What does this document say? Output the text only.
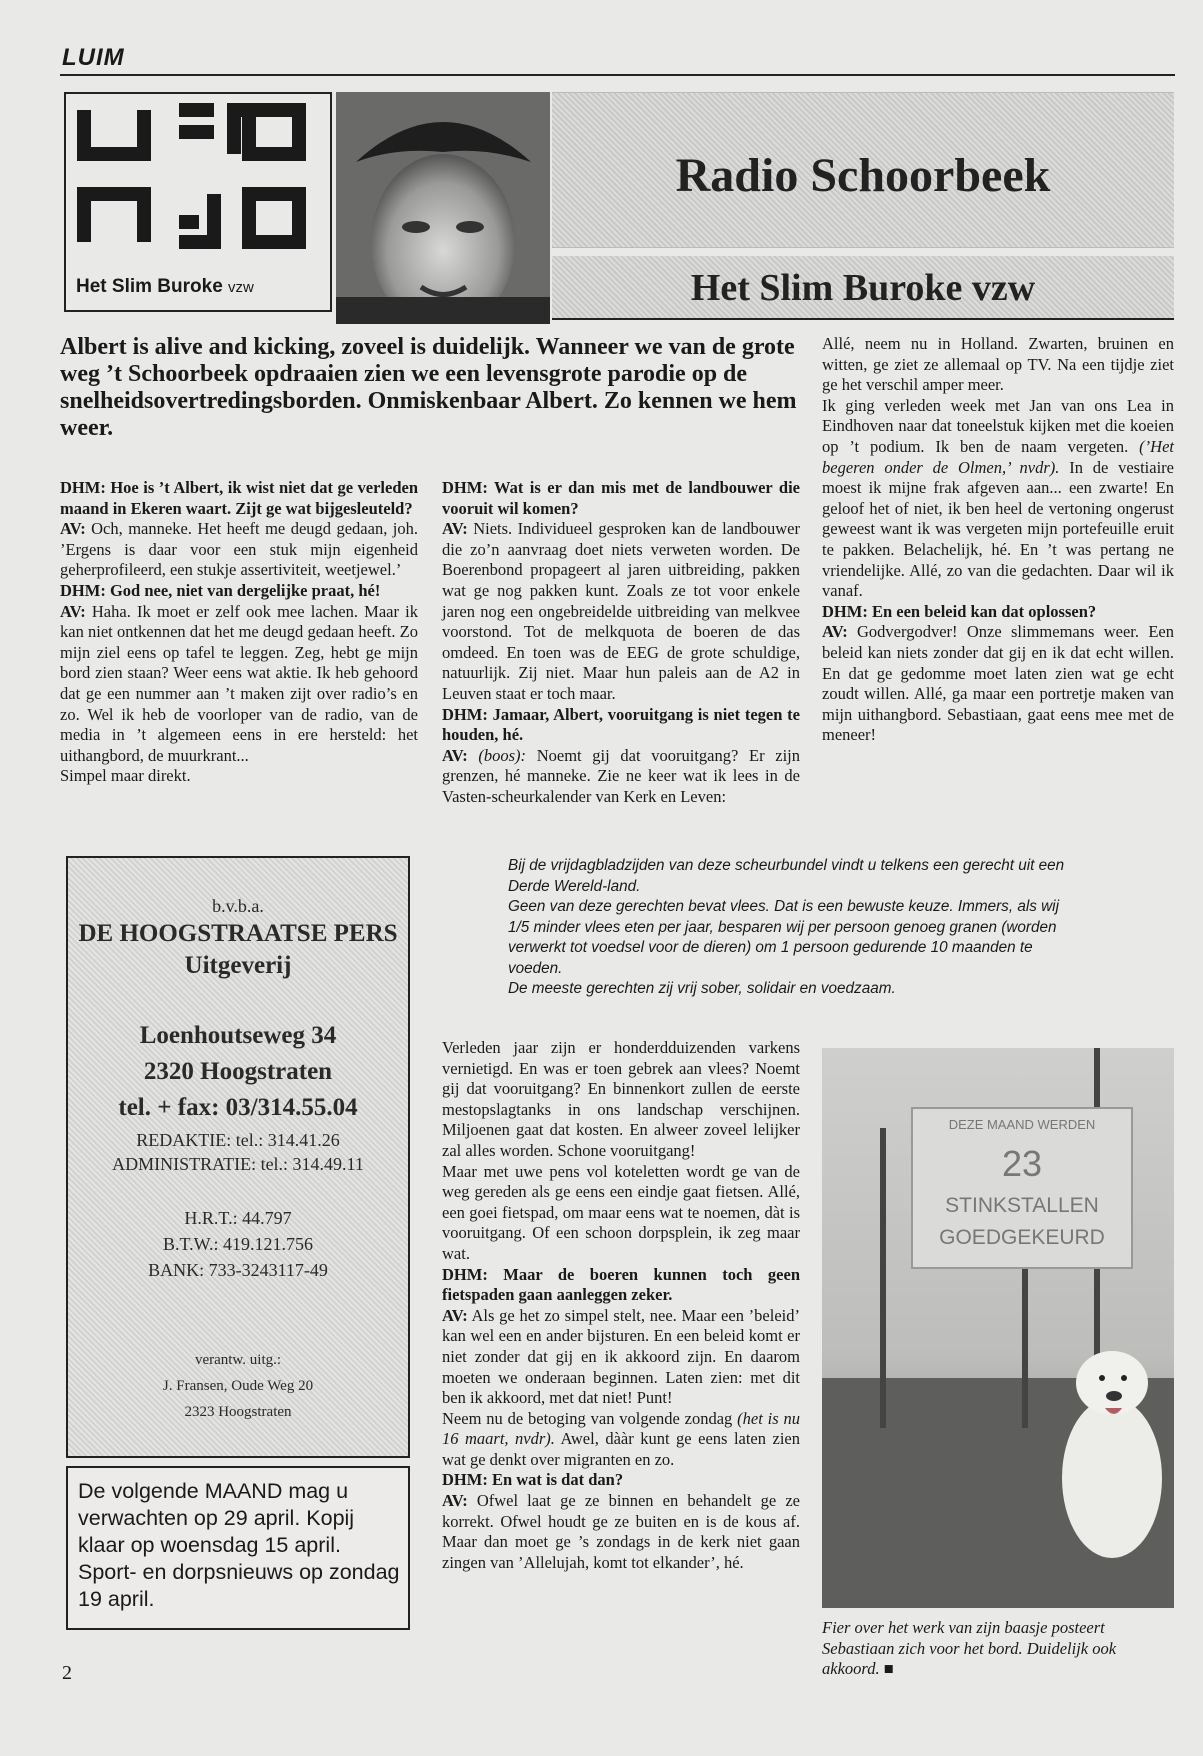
LUIM
Het Slim Buroke vzw
Radio Schoorbeek
Het Slim Buroke vzw
Albert is alive and kicking, zoveel is duidelijk. Wanneer we van de grote weg ’t Schoorbeek opdraaien zien we een levensgrote parodie op de snelheidsovertredingsborden. Onmiskenbaar Albert. Zo kennen we hem weer.

DHM: Hoe is ’t Albert, ik wist niet dat ge verleden maand in Ekeren waart. Zijt ge wat bijgesleuteld?

AV: Och, manneke. Het heeft me deugd gedaan, joh. ’Ergens is daar voor een stuk mijn eigenheid geherprofileerd, een stukje assertiviteit, weetjewel.’

DHM: God nee, niet van dergelijke praat, hé!

AV: Haha. Ik moet er zelf ook mee lachen. Maar ik kan niet ontkennen dat het me deugd gedaan heeft. Zo mijn ziel eens op tafel te leggen. Zeg, hebt ge mijn bord zien staan? Weer eens wat aktie. Ik heb gehoord dat ge een nummer aan ’t maken zijt over radio’s en zo. Wel ik heb de voorloper van de radio, van de media in ’t algemeen eens in ere hersteld: het uithangbord, de muurkrant...

Simpel maar direkt.

DHM: Wat is er dan mis met de landbouwer die vooruit wil komen?

AV: Niets. Individueel gesproken kan de landbouwer die zo’n aanvraag doet niets verweten worden. De Boerenbond propageert al jaren uitbreiding, pakken wat ge nog pakken kunt. Zoals ze tot voor enkele jaren nog een ongebreidelde uitbreiding van melkvee voorstond. Tot de melkquota de boeren de das omdeed. En toen was de EEG de grote schuldige, natuurlijk. Zij niet. Maar hun paleis aan de A2 in Leuven staat er toch maar.

DHM: Jamaar, Albert, vooruitgang is niet tegen te houden, hé.

AV: (boos): Noemt gij dat vooruitgang? Er zijn grenzen, hé manneke. Zie ne keer wat ik lees in de Vasten-scheurkalender van Kerk en Leven:

Allé, neem nu in Holland. Zwarten, bruinen en witten, ge ziet ze allemaal op TV. Na een tijdje ziet ge het verschil amper meer.

Ik ging verleden week met Jan van ons Lea in Eindhoven naar dat toneelstuk kijken met die koeien op ’t podium. Ik ben de naam vergeten. (’Het begeren onder de Olmen,’ nvdr). In de vestiaire moest ik mijne frak afgeven aan... een zwarte! En geloof het of niet, ik ben heel de vertoning ongerust geweest want ik was vergeten mijn portefeuille eruit te pakken. Belachelijk, hé. En ’t was pertang ne vriendelijke. Allé, zo van die gedachten. Daar wil ik vanaf.

DHM: En een beleid kan dat oplossen?

AV: Godvergodver! Onze slimmemans weer. Een beleid kan niets zonder dat gij en ik dat echt willen. En dat ge gedomme moet laten zien wat ge echt zoudt willen. Allé, ga maar een portretje maken van mijn uithangbord. Sebastiaan, gaat eens mee met de meneer!

Bij de vrijdagbladzijden van deze scheurbundel vindt u telkens een gerecht uit een Derde Wereld-land.

Geen van deze gerechten bevat vlees. Dat is een bewuste keuze. Immers, als wij 1/5 minder vlees eten per jaar, besparen wij per persoon genoeg granen (worden verwerkt tot voedsel voor de dieren) om 1 persoon gedurende 10 maanden te voeden.

De meeste gerechten zij vrij sober, solidair en voedzaam.

b.v.b.a.
DE HOOGSTRAATSE PERS
Uitgeverij
Loenhoutseweg 34
2320 Hoogstraten
tel. + fax: 03/314.55.04
REDAKTIE: tel.: 314.41.26
ADMINISTRATIE: tel.: 314.49.11
H.R.T.: 44.797
B.T.W.: 419.121.756
BANK: 733-3243117-49
verantw. uitg.:
J. Fransen, Oude Weg 20
2323 Hoogstraten
De volgende MAAND mag u verwachten op 29 april. Kopij klaar op woensdag 15 april. Sport- en dorpsnieuws op zondag 19 april.

Verleden jaar zijn er honderdduizenden varkens vernietigd. En was er toen gebrek aan vlees? Noemt gij dat vooruitgang? En binnenkort zullen de eerste mestopslagtanks in ons landschap verschijnen. Miljoenen gaat dat kosten. En alweer zoveel lelijker zal alles worden. Schone vooruitgang!

Maar met uwe pens vol koteletten wordt ge van de weg gereden als ge eens een eindje gaat fietsen. Allé, een goei fietspad, om maar eens wat te noemen, dàt is vooruitgang. Of een schoon dorpsplein, ik zeg maar wat.

DHM: Maar de boeren kunnen toch geen fietspaden gaan aanleggen zeker.

AV: Als ge het zo simpel stelt, nee. Maar een ’beleid’ kan wel een en ander bijsturen. En een beleid komt er niet zonder dat gij en ik akkoord zijn. En daarom moeten we onderaan beginnen. Laten zien: met dit ben ik akkoord, met dat niet! Punt!

Neem nu de betoging van volgende zondag (het is nu 16 maart, nvdr). Awel, dààr kunt ge eens laten zien wat ge denkt over migranten en zo.

DHM: En wat is dat dan?

AV: Ofwel laat ge ze binnen en behandelt ge ze korrekt. Ofwel houdt ge ze buiten en is de kous af. Maar dan moet ge ’s zondags in de kerk niet gaan zingen van ’Allelujah, komt tot elkander’, hé.

DEZE MAAND WERDEN
23
STINKSTALLEN
GOEDGEKEURD
Fier over het werk van zijn baasje posteert Sebastiaan zich voor het bord. Duidelijk ook akkoord. ■
2
